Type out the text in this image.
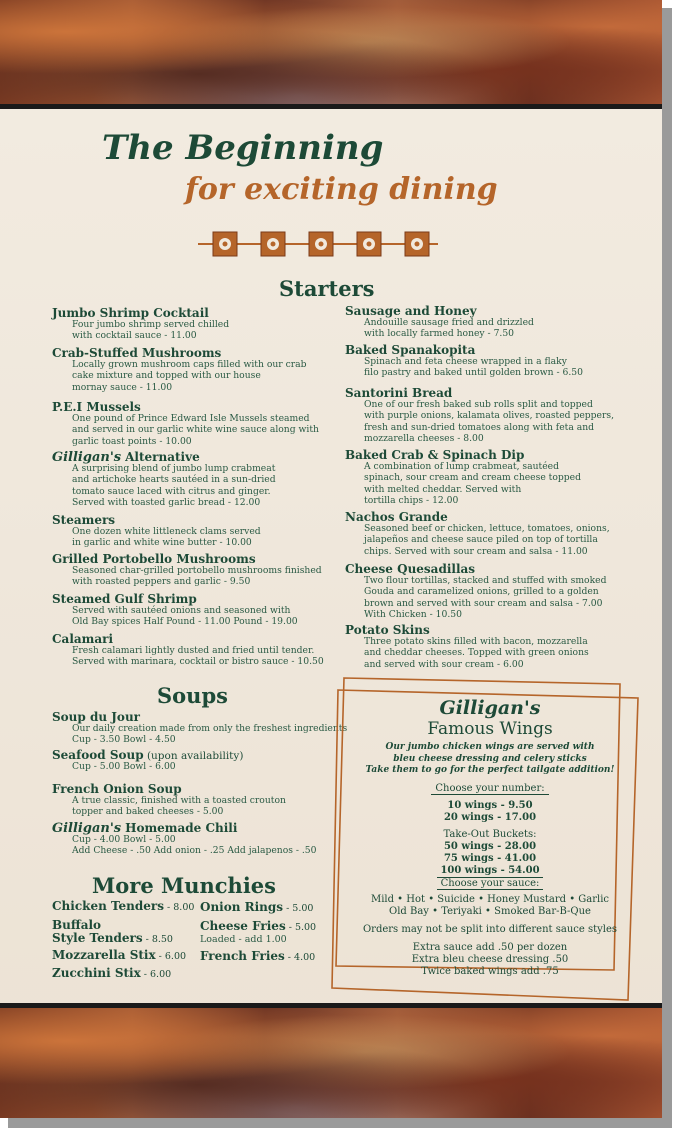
The Beginning
for exciting dining
Starters
Jumbo Shrimp Cocktail
Four jumbo shrimp served chilled
with cocktail sauce - 11.00
Crab-Stuffed Mushrooms
Locally grown mushroom caps filled with our crab
cake mixture and topped with our house
mornay sauce - 11.00
P.E.I Mussels
One pound of Prince Edward Isle Mussels steamed
and served in our garlic white wine sauce along with
garlic toast points - 10.00
Gilligan's Alternative
A surprising blend of jumbo lump crabmeat
and artichoke hearts sautéed in a sun-dried
tomato sauce laced with citrus and ginger.
Served with toasted garlic bread - 12.00
Steamers
One dozen white littleneck clams served
in garlic and white wine butter - 10.00
Grilled Portobello Mushrooms
Seasoned char-grilled portobello mushrooms finished
with roasted peppers and garlic - 9.50
Steamed Gulf Shrimp
Served with sautéed onions and seasoned with
Old Bay spices Half Pound - 11.00 Pound - 19.00
Calamari
Fresh calamari lightly dusted and fried until tender.
Served with marinara, cocktail or bistro sauce - 10.50
Sausage and Honey
Andouille sausage fried and drizzled
with locally farmed honey - 7.50
Baked Spanakopita
Spinach and feta cheese wrapped in a flaky
filo pastry and baked until golden brown - 6.50
Santorini Bread
One of our fresh baked sub rolls split and topped
with purple onions, kalamata olives, roasted peppers,
fresh and sun-dried tomatoes along with feta and
mozzarella cheeses - 8.00
Baked Crab & Spinach Dip
A combination of lump crabmeat, sautéed
spinach, sour cream and cream cheese topped
with melted cheddar. Served with
tortilla chips - 12.00
Nachos Grande
Seasoned beef or chicken, lettuce, tomatoes, onions,
jalapeños and cheese sauce piled on top of tortilla
chips. Served with sour cream and salsa - 11.00
Cheese Quesadillas
Two flour tortillas, stacked and stuffed with smoked
Gouda and caramelized onions, grilled to a golden
brown and served with sour cream and salsa - 7.00
With Chicken - 10.50
Potato Skins
Three potato skins filled with bacon, mozzarella
and cheddar cheeses. Topped with green onions
and served with sour cream - 6.00
Soups
Soup du Jour
Our daily creation made from only the freshest ingredients
Cup - 3.50 Bowl - 4.50
Seafood Soup (upon availability)
Cup - 5.00 Bowl - 6.00
French Onion Soup
A true classic, finished with a toasted crouton
topper and baked cheeses - 5.00
Gilligan's Homemade Chili
Cup - 4.00 Bowl - 5.00
Add Cheese - .50 Add onion - .25 Add jalapenos - .50
More Munchies
Chicken Tenders - 8.00
Buffalo
Style Tenders - 8.50
Mozzarella Stix - 6.00
Zucchini Stix - 6.00
Onion Rings - 5.00
Cheese Fries - 5.00
Loaded - add 1.00
French Fries - 4.00
Gilligan's
Famous Wings
Our jumbo chicken wings are served with
bleu cheese dressing and celery sticks
Take them to go for the perfect tailgate addition!
Choose your number:
10 wings - 9.50
20 wings - 17.00
Take-Out Buckets:
50 wings - 28.00
75 wings - 41.00
100 wings - 54.00
Choose your sauce:
Mild • Hot • Suicide • Honey Mustard • Garlic
Old Bay • Teriyaki • Smoked Bar-B-Que
Orders may not be split into different sauce styles
Extra sauce add .50 per dozen
Extra bleu cheese dressing .50
Twice baked wings add .75
